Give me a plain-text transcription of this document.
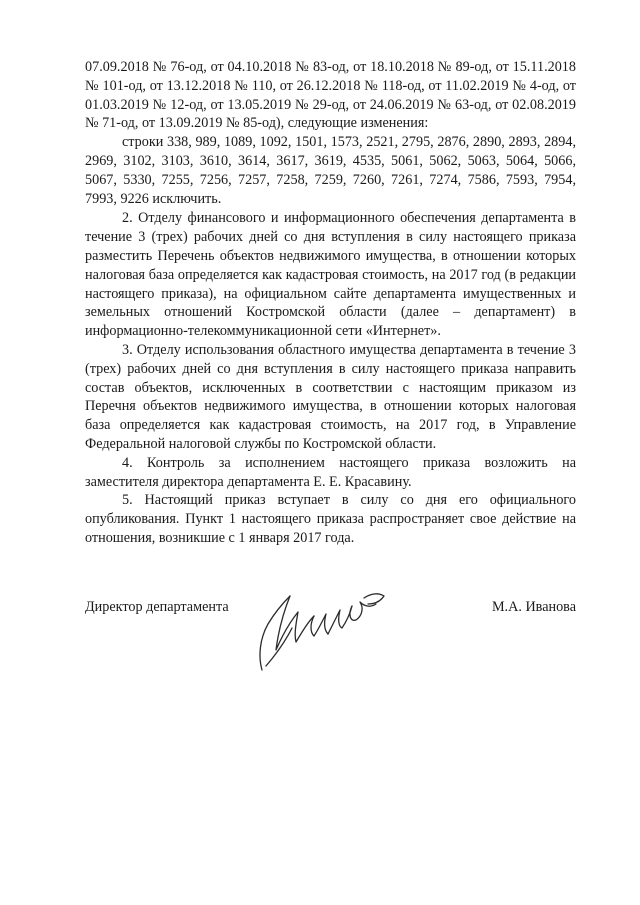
07.09.2018 № 76-од, от 04.10.2018 № 83-од, от 18.10.2018 № 89-од, от 15.11.2018 № 101-од, от 13.12.2018 № 110, от 26.12.2018 № 118-од, от 11.02.2019 № 4-од, от 01.03.2019 № 12-од, от 13.05.2019 № 29-од, от 24.06.2019 № 63-од, от 02.08.2019 № 71-од, от 13.09.2019 № 85-од), следующие изменения:

строки 338, 989, 1089, 1092, 1501, 1573, 2521, 2795, 2876, 2890, 2893, 2894, 2969, 3102, 3103, 3610, 3614, 3617, 3619, 4535, 5061, 5062, 5063, 5064, 5066, 5067, 5330, 7255, 7256, 7257, 7258, 7259, 7260, 7261, 7274, 7586, 7593, 7954, 7993, 9226 исключить.

2. Отделу финансового и информационного обеспечения департамента в течение 3 (трех) рабочих дней со дня вступления в силу настоящего приказа разместить Перечень объектов недвижимого имущества, в отношении которых налоговая база определяется как кадастровая стоимость, на 2017 год (в редакции настоящего приказа), на официальном сайте департамента имущественных и земельных отношений Костромской области (далее – департамент) в информационно-телекоммуникационной сети «Интернет».

3. Отделу использования областного имущества департамента в течение 3 (трех) рабочих дней со дня вступления в силу настоящего приказа направить состав объектов, исключенных в соответствии с настоящим приказом из Перечня объектов недвижимого имущества, в отношении которых налоговая база определяется как кадастровая стоимость, на 2017 год, в Управление Федеральной налоговой службы по Костромской области.

4. Контроль за исполнением настоящего приказа возложить на заместителя директора департамента Е. Е. Красавину.

5. Настоящий приказ вступает в силу со дня его официального опубликования. Пункт 1 настоящего приказа распространяет свое действие на отношения, возникшие с 1 января 2017 года.

Директор департамента	М.А. Иванова
